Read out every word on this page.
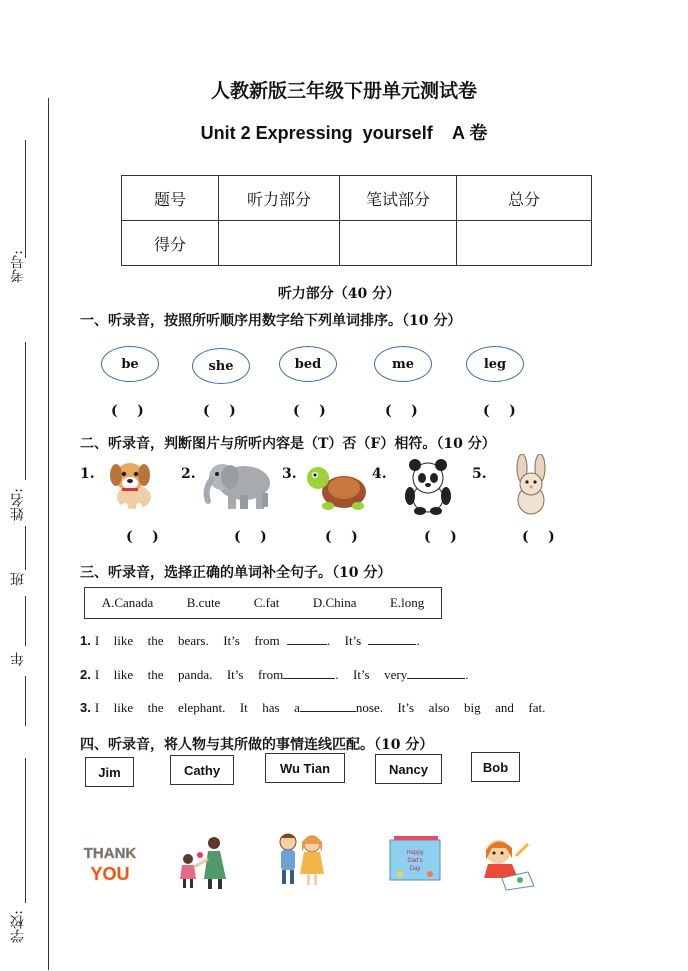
考号:
姓名:
班
年
学校:
人教新版三年级下册单元测试卷
Unit 2 Expressing  yourself    A 卷
题号	听力部分	笔试部分	总分
得分			
听力部分（40 分）
一、听录音，按照所听顺序用数字给下列单词排序。（10 分）
be	she	bed	me	leg
(    )	(    )	(    )	(    )	(    )
二、听录音，判断图片与所听内容是（T）否（F）相符。（10 分）
1.	2.	3.	4.	5.
(    )	(    )	(    )	(    )	(    )
三、听录音，选择正确的单词补全句子。（10 分）
A.Canada	B.cute	C.fat	D.China	E.long
1. I  like  the  bears.  It’s  from	.  It’s	.
2. I  like  the  panda.  It’s  from	.  It’s  very	.
3. I  like  the  elephant.  It  has  a	nose.  It’s  also  big  and  fat.
四、听录音，将人物与其所做的事情连线匹配。（10 分）
Jim	Cathy	Wu Tian	Nancy	Bob
THANK
YOU
Happy
Dad’s
Day
